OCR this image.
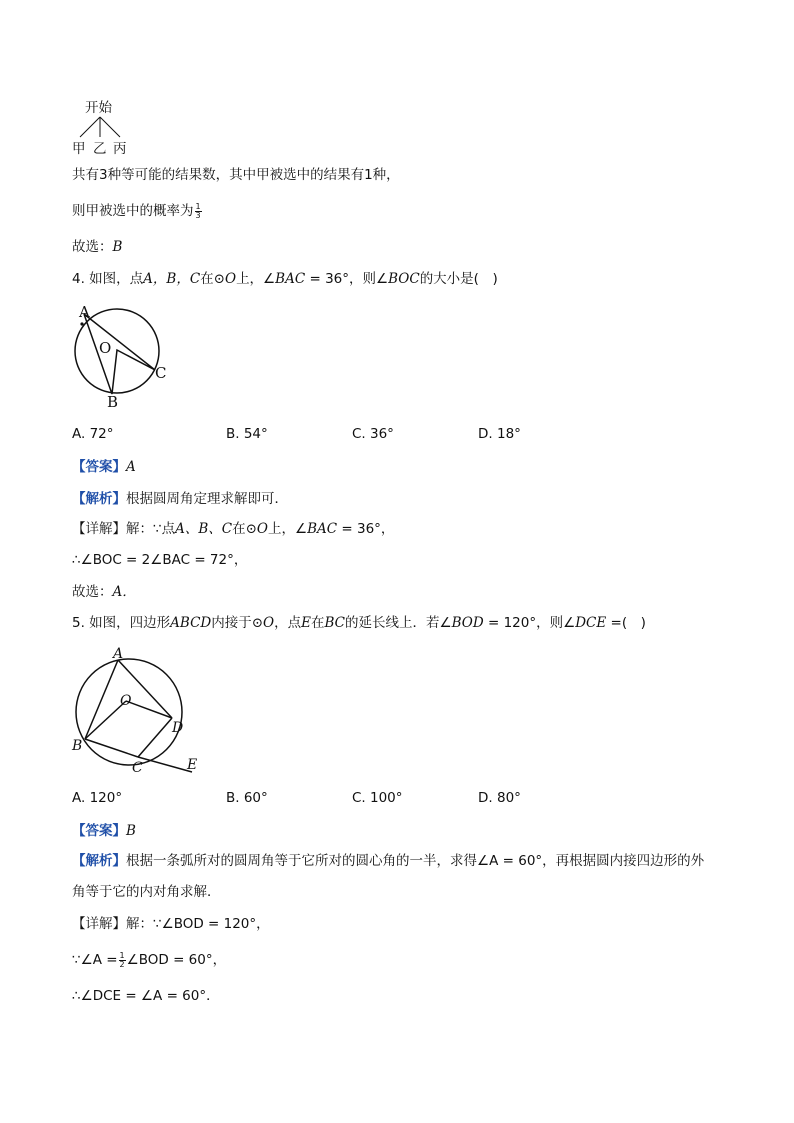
开始
甲 乙 丙
共有3种等可能的结果数，其中甲被选中的结果有1种，
则甲被选中的概率为 $\frac{1}{3}$
故选：B
4. 如图，点A，B，C在⊙O上，∠BAC = 36°，则∠BOC的大小是(　)
A
O
B
C
A. 72°	B. 54°	C. 36°	D. 18°
【答案】A
【解析】根据圆周角定理求解即可．
【详解】解：∵点A、B、C在⊙O上，∠BAC = 36°，
∴∠BOC = 2∠BAC = 72°，
故选：A．
5. 如图，四边形ABCD内接于⊙O，点E在BC的延长线上．若∠BOD = 120°，则∠DCE =(　)
A
O
D
B
C	E
A. 120°	B. 60°	C. 100°	D. 80°
【答案】B
【解析】根据一条弧所对的圆周角等于它所对的圆心角的一半，求得∠A = 60°，再根据圆内接四边形的外
角等于它的内对角求解．
【详解】解：∵∠BOD = 120°，
∵∠A = $\frac{1}{2}$ ∠BOD = 60°，
∴∠DCE = ∠A = 60°．
